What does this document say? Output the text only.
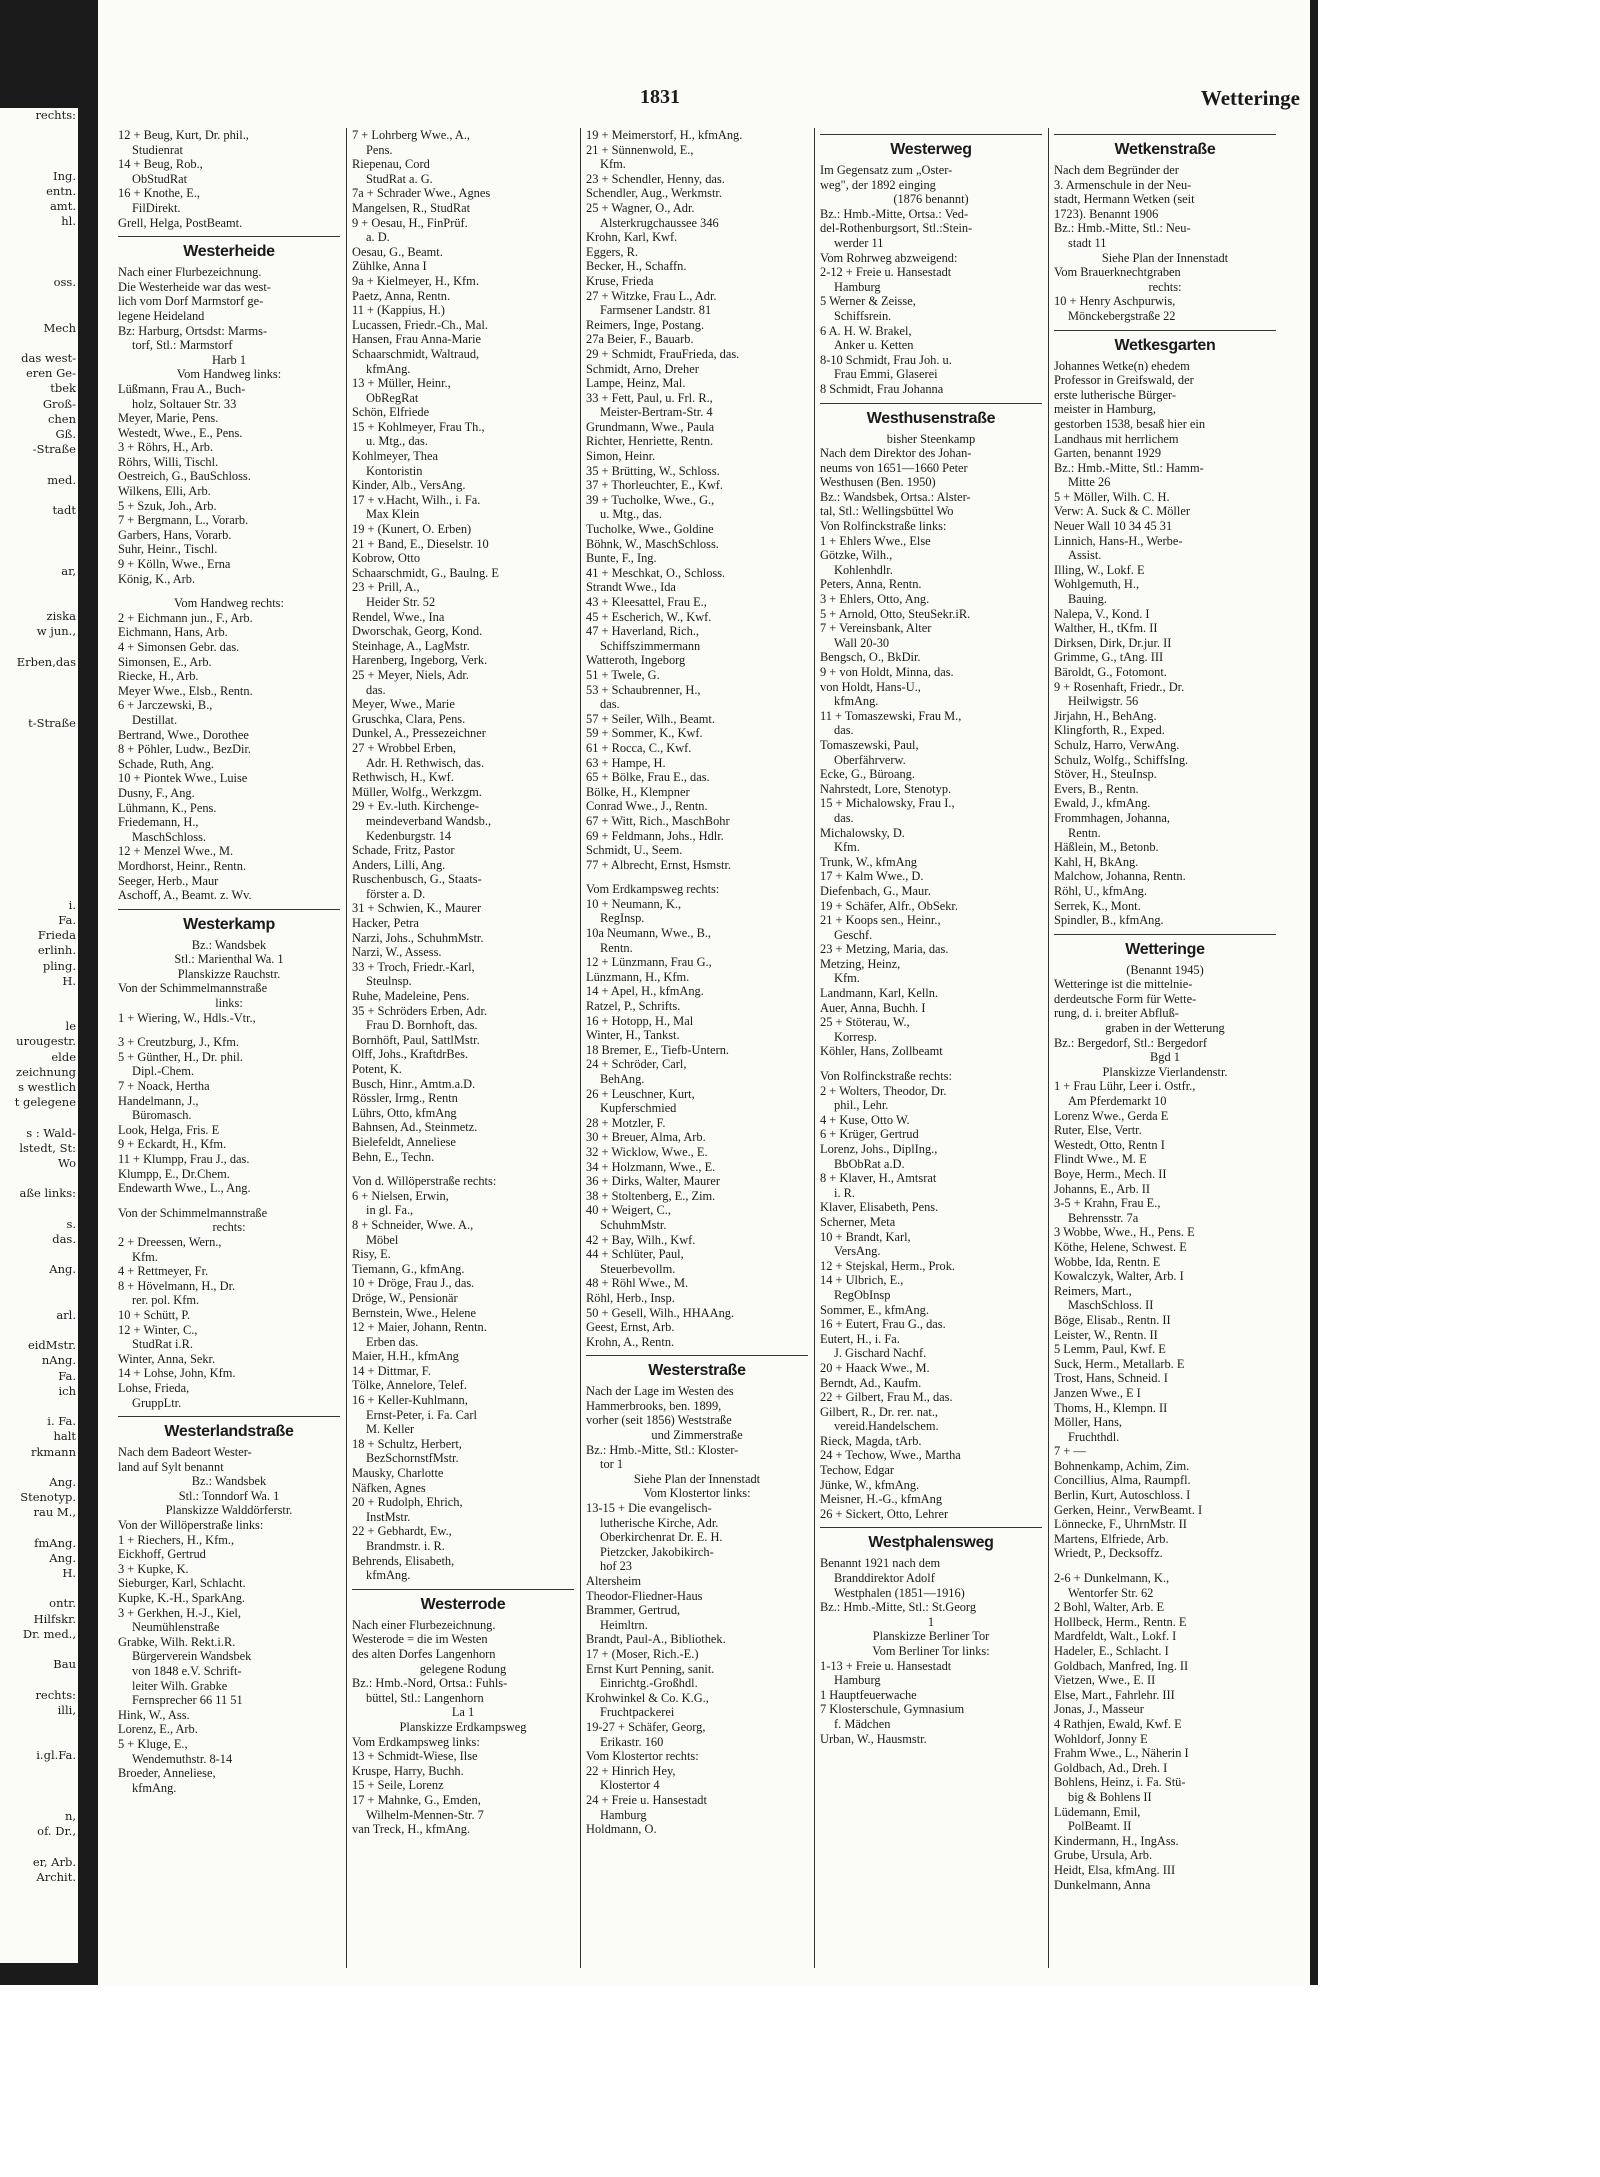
rechts:
Ing.
entn.
amt.
hl.
oss.
Mech
das west-
eren Ge-
tbek
Groß-
chen
Gß.
-Straße
med.
tadt
ar,
ziska
w jun.,
Erben,das
t-Straße
i.
Fa.
Frieda
erlinh.
pling.
H.
le
urougestr.
elde
zeichnung
s westlich
t gelegene
s : Wald-
lstedt, St:
Wo
aße links:
s.
das.
Ang.
arl.
eidMstr.
nAng.
Fa.
ich
i. Fa.
halt
rkmann
Ang.
Stenotyp.
rau M.,
fmAng.
Ang.
H.
ontr.
Hilfskr.
Dr. med.,
Bau
rechts:
illi,
i.gl.Fa.
n,
of. Dr.,
er, Arb.
Archit.
1831	Wetteringe
12 + Beug, Kurt, Dr. phil.,
Studienrat
14 + Beug, Rob.,
ObStudRat
16 + Knothe, E.,
FilDirekt.
Grell, Helga, PostBeamt.
Westerheide
Nach einer Flurbezeichnung.
Die Westerheide war das west-
lich vom Dorf Marmstorf ge-
legene Heideland
Bz: Harburg, Ortsdst: Marms-
torf, Stl.: Marmstorf
Harb 1
Vom Handweg links:
Lüßmann, Frau A., Buch-
holz, Soltauer Str. 33
Meyer, Marie, Pens.
Westedt, Wwe., E., Pens.
3 + Röhrs, H., Arb.
Röhrs, Willi, Tischl.
Oestreich, G., BauSchloss.
Wilkens, Elli, Arb.
5 + Szuk, Joh., Arb.
7 + Bergmann, L., Vorarb.
Garbers, Hans, Vorarb.
Suhr, Heinr., Tischl.
9 + Kölln, Wwe., Erna
König, K., Arb.
Vom Handweg rechts:
2 + Eichmann jun., F., Arb.
Eichmann, Hans, Arb.
4 + Simonsen Gebr. das.
Simonsen, E., Arb.
Riecke, H., Arb.
Meyer Wwe., Elsb., Rentn.
6 + Jarczewski, B.,
Destillat.
Bertrand, Wwe., Dorothee
8 + Pöhler, Ludw., BezDir.
Schade, Ruth, Ang.
10 + Piontek Wwe., Luise
Dusny, F., Ang.
Lühmann, K., Pens.
Friedemann, H.,
MaschSchloss.
12 + Menzel Wwe., M.
Mordhorst, Heinr., Rentn.
Seeger, Herb., Maur
Aschoff, A., Beamt. z. Wv.
Westerkamp
Bz.: Wandsbek
Stl.: Marienthal Wa. 1
Planskizze Rauchstr.
Von der Schimmelmannstraße
links:
1 + Wiering, W., Hdls.-Vtr.,
3 + Creutzburg, J., Kfm.
5 + Günther, H., Dr. phil.
Dipl.-Chem.
7 + Noack, Hertha
Handelmann, J.,
Büromasch.
Look, Helga, Fris. E
9 + Eckardt, H., Kfm.
11 + Klumpp, Frau J., das.
Klumpp, E., Dr.Chem.
Endewarth Wwe., L., Ang.
Von der Schimmelmannstraße
rechts:
2 + Dreessen, Wern.,
Kfm.
4 + Rettmeyer, Fr.
8 + Hövelmann, H., Dr.
rer. pol. Kfm.
10 + Schütt, P.
12 + Winter, C.,
StudRat i.R.
Winter, Anna, Sekr.
14 + Lohse, John, Kfm.
Lohse, Frieda,
GruppLtr.
Westerlandstraße
Nach dem Badeort Wester-
land auf Sylt benannt
Bz.: Wandsbek
Stl.: Tonndorf Wa. 1
Planskizze Walddörferstr.
Von der Willöperstraße links:
1 + Riechers, H., Kfm.,
Eickhoff, Gertrud
3 + Kupke, K.
Sieburger, Karl, Schlacht.
Kupke, K.-H., SparkAng.
3 + Gerkhen, H.-J., Kiel,
Neumühlenstraße
Grabke, Wilh. Rekt.i.R.
Bürgerverein Wandsbek
von 1848 e.V. Schrift-
leiter Wilh. Grabke
Fernsprecher 66 11 51
Hink, W., Ass.
Lorenz, E., Arb.
5 + Kluge, E.,
Wendemuthstr. 8-14
Broeder, Anneliese,
kfmAng.
7 + Lohrberg Wwe., A.,
Pens.
Riepenau, Cord
StudRat a. G.
7a + Schrader Wwe., Agnes
Mangelsen, R., StudRat
9 + Oesau, H., FinPrüf.
a. D.
Oesau, G., Beamt.
Zühlke, Anna I
9a + Kielmeyer, H., Kfm.
Paetz, Anna, Rentn.
11 + (Kappius, H.)
Lucassen, Friedr.-Ch., Mal.
Hansen, Frau Anna-Marie
Schaarschmidt, Waltraud,
kfmAng.
13 + Müller, Heinr.,
ObRegRat
Schön, Elfriede
15 + Kohlmeyer, Frau Th.,
u. Mtg., das.
Kohlmeyer, Thea
Kontoristin
Kinder, Alb., VersAng.
17 + v.Hacht, Wilh., i. Fa.
Max Klein
19 + (Kunert, O. Erben)
21 + Band, E., Dieselstr. 10
Kobrow, Otto
Schaarschmidt, G., Baulng. E
23 + Prill, A.,
Heider Str. 52
Rendel, Wwe., Ina
Dworschak, Georg, Kond.
Steinhage, A., LagMstr.
Harenberg, Ingeborg, Verk.
25 + Meyer, Niels, Adr.
das.
Meyer, Wwe., Marie
Gruschka, Clara, Pens.
Dunkel, A., Pressezeichner
27 + Wrobbel Erben,
Adr. H. Rethwisch, das.
Rethwisch, H., Kwf.
Müller, Wolfg., Werkzgm.
29 + Ev.-luth. Kirchenge-
meindeverband Wandsb.,
Kedenburgstr. 14
Schade, Fritz, Pastor
Anders, Lilli, Ang.
Ruschenbusch, G., Staats-
förster a. D.
31 + Schwien, K., Maurer
Hacker, Petra
Narzi, Johs., SchuhmMstr.
Narzi, W., Assess.
33 + Troch, Friedr.-Karl,
Steulnsp.
Ruhe, Madeleine, Pens.
35 + Schröders Erben, Adr.
Frau D. Bornhoft, das.
Bornhöft, Paul, SattlMstr.
Olff, Johs., KraftdrBes.
Potent, K.
Busch, Hinr., Amtm.a.D.
Rössler, Irmg., Rentn
Lührs, Otto, kfmAng
Bahnsen, Ad., Steinmetz.
Bielefeldt, Anneliese
Behn, E., Techn.
Von d. Willöperstraße rechts:
6 + Nielsen, Erwin,
in gl. Fa.,
8 + Schneider, Wwe. A.,
Möbel
Risy, E.
Tiemann, G., kfmAng.
10 + Dröge, Frau J., das.
Dröge, W., Pensionär
Bernstein, Wwe., Helene
12 + Maier, Johann, Rentn.
Erben das.
Maier, H.H., kfmAng
14 + Dittmar, F.
Tölke, Annelore, Telef.
16 + Keller-Kuhlmann,
Ernst-Peter, i. Fa. Carl
M. Keller
18 + Schultz, Herbert,
BezSchornstfMstr.
Mausky, Charlotte
Näfken, Agnes
20 + Rudolph, Ehrich,
InstMstr.
22 + Gebhardt, Ew.,
Brandmstr. i. R.
Behrends, Elisabeth,
kfmAng.
Westerrode
Nach einer Flurbezeichnung.
Westerode = die im Westen
des alten Dorfes Langenhorn
gelegene Rodung
Bz.: Hmb.-Nord, Ortsa.: Fuhls-
büttel, Stl.: Langenhorn
La 1
Planskizze Erdkampsweg
Vom Erdkampsweg links:
13 + Schmidt-Wiese, Ilse
Kruspe, Harry, Buchh.
15 + Seile, Lorenz
17 + Mahnke, G., Emden,
Wilhelm-Mennen-Str. 7
van Treck, H., kfmAng.
19 + Meimerstorf, H., kfmAng.
21 + Sünnenwold, E.,
Kfm.
23 + Schendler, Henny, das.
Schendler, Aug., Werkmstr.
25 + Wagner, O., Adr.
Alsterkrugchaussee 346
Krohn, Karl, Kwf.
Eggers, R.
Becker, H., Schaffn.
Kruse, Frieda
27 + Witzke, Frau L., Adr.
Farmsener Landstr. 81
Reimers, Inge, Postang.
27a Beier, F., Bauarb.
29 + Schmidt, FrauFrieda, das.
Schmidt, Arno, Dreher
Lampe, Heinz, Mal.
33 + Fett, Paul, u. Frl. R.,
Meister-Bertram-Str. 4
Grundmann, Wwe., Paula
Richter, Henriette, Rentn.
Simon, Heinr.
35 + Brütting, W., Schloss.
37 + Thorleuchter, E., Kwf.
39 + Tucholke, Wwe., G.,
u. Mtg., das.
Tucholke, Wwe., Goldine
Böhnk, W., MaschSchloss.
Bunte, F., Ing.
41 + Meschkat, O., Schloss.
Strandt Wwe., Ida
43 + Kleesattel, Frau E.,
45 + Escherich, W., Kwf.
47 + Haverland, Rich.,
Schiffszimmermann
Watteroth, Ingeborg
51 + Twele, G.
53 + Schaubrenner, H.,
das.
57 + Seiler, Wilh., Beamt.
59 + Sommer, K., Kwf.
61 + Rocca, C., Kwf.
63 + Hampe, H.
65 + Bölke, Frau E., das.
Bölke, H., Klempner
Conrad Wwe., J., Rentn.
67 + Witt, Rich., MaschBohr
69 + Feldmann, Johs., Hdlr.
Schmidt, U., Seem.
77 + Albrecht, Ernst, Hsmstr.
Vom Erdkampsweg rechts:
10 + Neumann, K.,
RegInsp.
10a Neumann, Wwe., B.,
Rentn.
12 + Lünzmann, Frau G.,
Lünzmann, H., Kfm.
14 + Apel, H., kfmAng.
Ratzel, P., Schrifts.
16 + Hotopp, H., Mal
Winter, H., Tankst.
18 Bremer, E., Tiefb-Untern.
24 + Schröder, Carl,
BehAng.
26 + Leuschner, Kurt,
Kupferschmied
28 + Motzler, F.
30 + Breuer, Alma, Arb.
32 + Wicklow, Wwe., E.
34 + Holzmann, Wwe., E.
36 + Dirks, Walter, Maurer
38 + Stoltenberg, E., Zim.
40 + Weigert, C.,
SchuhmMstr.
42 + Bay, Wilh., Kwf.
44 + Schlüter, Paul,
Steuerbevollm.
48 + Röhl Wwe., M.
Röhl, Herb., Insp.
50 + Gesell, Wilh., HHAAng.
Geest, Ernst, Arb.
Krohn, A., Rentn.
Westerstraße
Nach der Lage im Westen des
Hammerbrooks, ben. 1899,
vorher (seit 1856) Weststraße
und Zimmerstraße
Bz.: Hmb.-Mitte, Stl.: Kloster-
tor 1
Siehe Plan der Innenstadt
Vom Klostertor links:
13-15 + Die evangelisch-
lutherische Kirche, Adr.
Oberkirchenrat Dr. E. H.
Pietzcker, Jakobikirch-
hof 23
Altersheim
Theodor-Fliedner-Haus
Brammer, Gertrud,
Heimltrn.
Brandt, Paul-A., Bibliothek.
17 + (Moser, Rich.-E.)
Ernst Kurt Penning, sanit.
Einrichtg.-Großhdl.
Krohwinkel & Co. K.G.,
Fruchtpackerei
19-27 + Schäfer, Georg,
Erikastr. 160
Vom Klostertor rechts:
22 + Hinrich Hey,
Klostertor 4
24 + Freie u. Hansestadt
Hamburg
Holdmann, O.
Westerweg
Im Gegensatz zum „Oster-
weg", der 1892 einging
(1876 benannt)
Bz.: Hmb.-Mitte, Ortsa.: Ved-
del-Rothenburgsort, Stl.:Stein-
werder 11
Vom Rohrweg abzweigend:
2-12 + Freie u. Hansestadt
Hamburg
5 Werner & Zeisse,
Schiffsrein.
6 A. H. W. Brakel,
Anker u. Ketten
8-10 Schmidt, Frau Joh. u.
Frau Emmi, Glaserei
8 Schmidt, Frau Johanna
Westhusenstraße
bisher Steenkamp
Nach dem Direktor des Johan-
neums von 1651—1660 Peter
Westhusen (Ben. 1950)
Bz.: Wandsbek, Ortsa.: Alster-
tal, Stl.: Wellingsbüttel Wo
Von Rolfinckstraße links:
1 + Ehlers Wwe., Else
Götzke, Wilh.,
Kohlenhdlr.
Peters, Anna, Rentn.
3 + Ehlers, Otto, Ang.
5 + Arnold, Otto, SteuSekr.iR.
7 + Vereinsbank, Alter
Wall 20-30
Bengsch, O., BkDir.
9 + von Holdt, Minna, das.
von Holdt, Hans-U.,
kfmAng.
11 + Tomaszewski, Frau M.,
das.
Tomaszewski, Paul,
Oberfährverw.
Ecke, G., Büroang.
Nahrstedt, Lore, Stenotyp.
15 + Michalowsky, Frau I.,
das.
Michalowsky, D.
Kfm.
Trunk, W., kfmAng
17 + Kalm Wwe., D.
Diefenbach, G., Maur.
19 + Schäfer, Alfr., ObSekr.
21 + Koops sen., Heinr.,
Geschf.
23 + Metzing, Maria, das.
Metzing, Heinz,
Kfm.
Landmann, Karl, Kelln.
Auer, Anna, Buchh. I
25 + Stöterau, W.,
Korresp.
Köhler, Hans, Zollbeamt
Von Rolfinckstraße rechts:
2 + Wolters, Theodor, Dr.
phil., Lehr.
4 + Kuse, Otto W.
6 + Krüger, Gertrud
Lorenz, Johs., DiplIng.,
BbObRat a.D.
8 + Klaver, H., Amtsrat
i. R.
Klaver, Elisabeth, Pens.
Scherner, Meta
10 + Brandt, Karl,
VersAng.
12 + Stejskal, Herm., Prok.
14 + Ulbrich, E.,
RegObInsp
Sommer, E., kfmAng.
16 + Eutert, Frau G., das.
Eutert, H., i. Fa.
J. Gischard Nachf.
20 + Haack Wwe., M.
Berndt, Ad., Kaufm.
22 + Gilbert, Frau M., das.
Gilbert, R., Dr. rer. nat.,
vereid.Handelschem.
Rieck, Magda, tArb.
24 + Techow, Wwe., Martha
Techow, Edgar
Jünke, W., kfmAng.
Meisner, H.-G., kfmAng
26 + Sickert, Otto, Lehrer
Westphalensweg
Benannt 1921 nach dem
Branddirektor Adolf
Westphalen (1851—1916)
Bz.: Hmb.-Mitte, Stl.: St.Georg
1
Planskizze Berliner Tor
Vom Berliner Tor links:
1-13 + Freie u. Hansestadt
Hamburg
1 Hauptfeuerwache
7 Klosterschule, Gymnasium
f. Mädchen
Urban, W., Hausmstr.
Wetkenstraße
Nach dem Begründer der
3. Armenschule in der Neu-
stadt, Hermann Wetken (seit
1723). Benannt 1906
Bz.: Hmb.-Mitte, Stl.: Neu-
stadt 11
Siehe Plan der Innenstadt
Vom Brauerknechtgraben
rechts:
10 + Henry Aschpurwis,
Mönckebergstraße 22
Wetkesgarten
Johannes Wetke(n) ehedem
Professor in Greifswald, der
erste lutherische Bürger-
meister in Hamburg,
gestorben 1538, besaß hier ein
Landhaus mit herrlichem
Garten, benannt 1929
Bz.: Hmb.-Mitte, Stl.: Hamm-
Mitte 26
5 + Möller, Wilh. C. H.
Verw: A. Suck & C. Möller
Neuer Wall 10 34 45 31
Linnich, Hans-H., Werbe-
Assist.
Illing, W., Lokf. E
Wohlgemuth, H.,
Bauing.
Nalepa, V., Kond. I
Walther, H., tKfm. II
Dirksen, Dirk, Dr.jur. II
Grimme, G., tAng. III
Bäroldt, G., Fotomont.
9 + Rosenhaft, Friedr., Dr.
Heilwigstr. 56
Jirjahn, H., BehAng.
Klingforth, R., Exped.
Schulz, Harro, VerwAng.
Schulz, Wolfg., SchiffsIng.
Stöver, H., SteuInsp.
Evers, B., Rentn.
Ewald, J., kfmAng.
Frommhagen, Johanna,
Rentn.
Häßlein, M., Betonb.
Kahl, H, BkAng.
Malchow, Johanna, Rentn.
Röhl, U., kfmAng.
Serrek, K., Mont.
Spindler, B., kfmAng.
Wetteringe
(Benannt 1945)
Wetteringe ist die mittelnie-
derdeutsche Form für Wette-
rung, d. i. breiter Abfluß-
graben in der Wetterung
Bz.: Bergedorf, Stl.: Bergedorf
Bgd 1
Planskizze Vierlandenstr.
1 + Frau Lühr, Leer i. Ostfr.,
Am Pferdemarkt 10
Lorenz Wwe., Gerda E
Ruter, Else, Vertr.
Westedt, Otto, Rentn I
Flindt Wwe., M. E
Boye, Herm., Mech. II
Johanns, E., Arb. II
3-5 + Krahn, Frau E.,
Behrensstr. 7a
3 Wobbe, Wwe., H., Pens. E
Köthe, Helene, Schwest. E
Wobbe, Ida, Rentn. E
Kowalczyk, Walter, Arb. I
Reimers, Mart.,
MaschSchloss. II
Böge, Elisab., Rentn. II
Leister, W., Rentn. II
5 Lemm, Paul, Kwf. E
Suck, Herm., Metallarb. E
Trost, Hans, Schneid. I
Janzen Wwe., E I
Thoms, H., Klempn. II
Möller, Hans,
Fruchthdl.
7 + —
Bohnenkamp, Achim, Zim.
Concillius, Alma, Raumpfl.
Berlin, Kurt, Autoschloss. I
Gerken, Heinr., VerwBeamt. I
Lönnecke, F., UhrnMstr. II
Martens, Elfriede, Arb.
Wriedt, P., Decksoffz.
2-6 + Dunkelmann, K.,
Wentorfer Str. 62
2 Bohl, Walter, Arb. E
Hollbeck, Herm., Rentn. E
Mardfeldt, Walt., Lokf. I
Hadeler, E., Schlacht. I
Goldbach, Manfred, Ing. II
Vietzen, Wwe., E. II
Else, Mart., Fahrlehr. III
Jonas, J., Masseur
4 Rathjen, Ewald, Kwf. E
Wohldorf, Jonny E
Frahm Wwe., L., Näherin I
Goldbach, Ad., Dreh. I
Bohlens, Heinz, i. Fa. Stü-
big & Bohlens II
Lüdemann, Emil,
PolBeamt. II
Kindermann, H., IngAss.
Grube, Ursula, Arb.
Heidt, Elsa, kfmAng. III
Dunkelmann, Anna
